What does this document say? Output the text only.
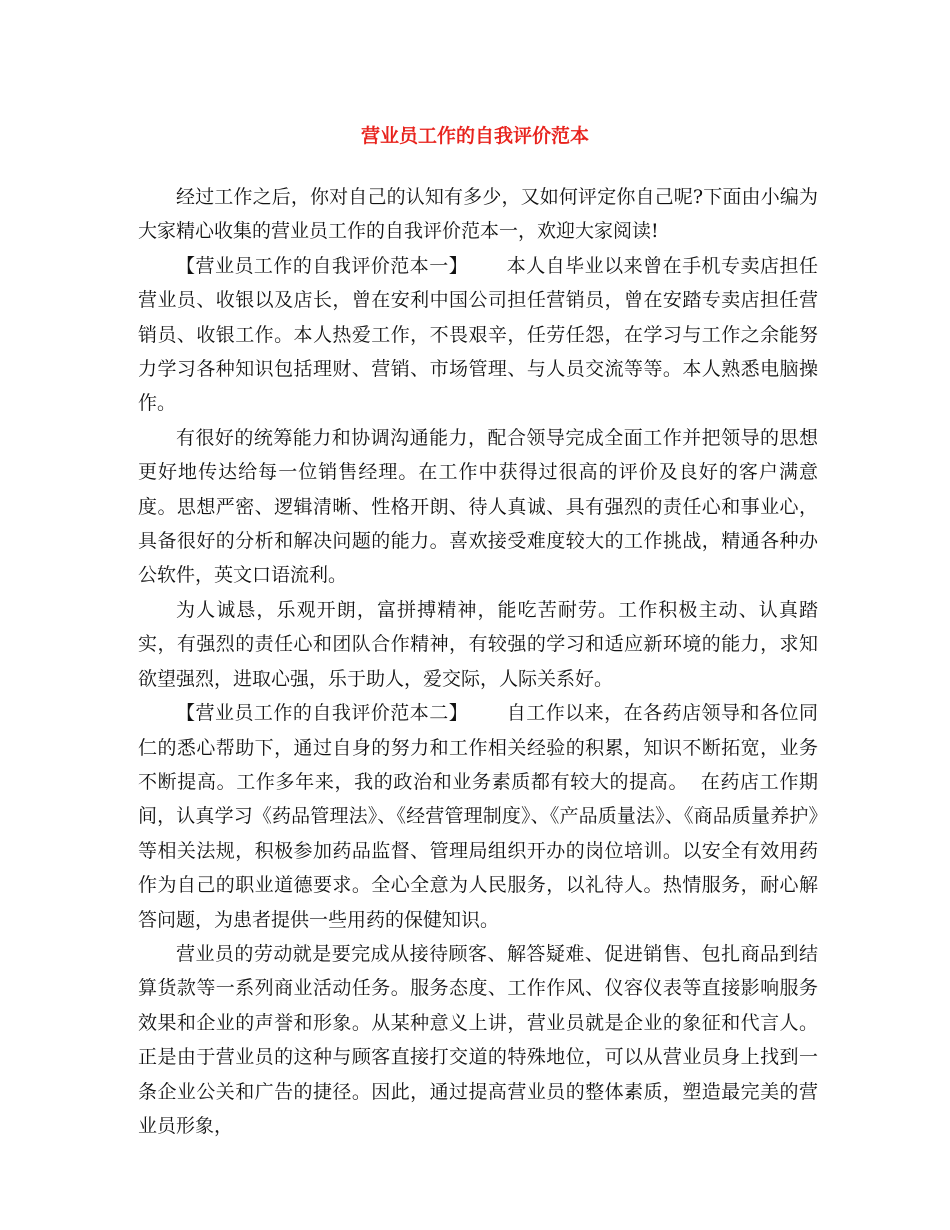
营业员工作的自我评价范本

经过工作之后，你对自己的认知有多少，又如何评定你自己呢?下面由小编为大家精心收集的营业员工作的自我评价范本一，欢迎大家阅读!

【营业员工作的自我评价范本一】 本人自毕业以来曾在手机专卖店担任营业员、收银以及店长，曾在安利中国公司担任营销员，曾在安踏专卖店担任营销员、收银工作。本人热爱工作，不畏艰辛，任劳任怨，在学习与工作之余能努力学习各种知识包括理财、营销、市场管理、与人员交流等等。本人熟悉电脑操作。

有很好的统筹能力和协调沟通能力，配合领导完成全面工作并把领导的思想更好地传达给每一位销售经理。在工作中获得过很高的评价及良好的客户满意度。思想严密、逻辑清晰、性格开朗、待人真诚、具有强烈的责任心和事业心，具备很好的分析和解决问题的能力。喜欢接受难度较大的工作挑战，精通各种办公软件，英文口语流利。

为人诚恳，乐观开朗，富拼搏精神，能吃苦耐劳。工作积极主动、认真踏实，有强烈的责任心和团队合作精神，有较强的学习和适应新环境的能力，求知欲望强烈，进取心强，乐于助人，爱交际，人际关系好。

【营业员工作的自我评价范本二】 自工作以来，在各药店领导和各位同仁的悉心帮助下，通过自身的努力和工作相关经验的积累，知识不断拓宽，业务不断提高。工作多年来，我的政治和业务素质都有较大的提高。 在药店工作期间，认真学习《药品管理法》、《经营管理制度》、《产品质量法》、《商品质量养护》等相关法规，积极参加药品监督、管理局组织开办的岗位培训。以安全有效用药作为自己的职业道德要求。全心全意为人民服务，以礼待人。热情服务，耐心解答问题，为患者提供一些用药的保健知识。

营业员的劳动就是要完成从接待顾客、解答疑难、促进销售、包扎商品到结算货款等一系列商业活动任务。服务态度、工作作风、仪容仪表等直接影响服务效果和企业的声誉和形象。从某种意义上讲，营业员就是企业的象征和代言人。正是由于营业员的这种与顾客直接打交道的特殊地位，可以从营业员身上找到一条企业公关和广告的捷径。因此，通过提高营业员的整体素质，塑造最完美的营业员形象，
